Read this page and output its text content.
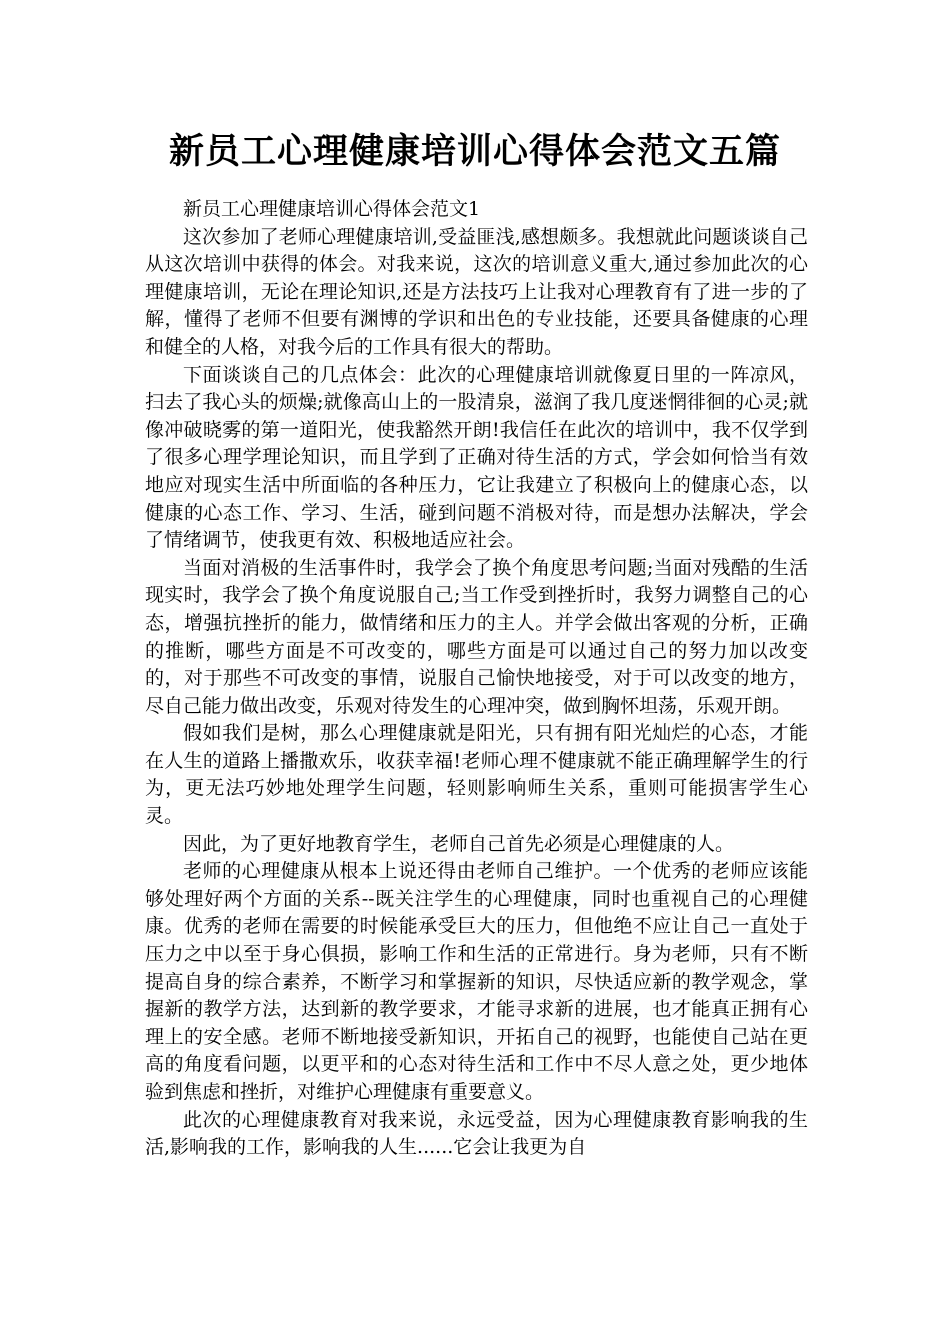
新员工心理健康培训心得体会范文五篇

新员工心理健康培训心得体会范文1

这次参加了老师心理健康培训,受益匪浅,感想颇多。我想就此问题谈谈自己从这次培训中获得的体会。对我来说，这次的培训意义重大,通过参加此次的心理健康培训，无论在理论知识,还是方法技巧上让我对心理教育有了进一步的了解，懂得了老师不但要有渊博的学识和出色的专业技能，还要具备健康的心理和健全的人格，对我今后的工作具有很大的帮助。

下面谈谈自己的几点体会：此次的心理健康培训就像夏日里的一阵凉风，扫去了我心头的烦燥;就像高山上的一股清泉，滋润了我几度迷惘徘徊的心灵;就像冲破晓雾的第一道阳光，使我豁然开朗!我信任在此次的培训中，我不仅学到了很多心理学理论知识，而且学到了正确对待生活的方式，学会如何恰当有效地应对现实生活中所面临的各种压力，它让我建立了积极向上的健康心态，以健康的心态工作、学习、生活，碰到问题不消极对待，而是想办法解决，学会了情绪调节，使我更有效、积极地适应社会。

当面对消极的生活事件时，我学会了换个角度思考问题;当面对残酷的生活现实时，我学会了换个角度说服自己;当工作受到挫折时，我努力调整自己的心态，增强抗挫折的能力，做情绪和压力的主人。并学会做出客观的分析，正确的推断，哪些方面是不可改变的，哪些方面是可以通过自己的努力加以改变的，对于那些不可改变的事情，说服自己愉快地接受，对于可以改变的地方，尽自己能力做出改变，乐观对待发生的心理冲突，做到胸怀坦荡，乐观开朗。

假如我们是树，那么心理健康就是阳光，只有拥有阳光灿烂的心态，才能在人生的道路上播撒欢乐，收获幸福!老师心理不健康就不能正确理解学生的行为，更无法巧妙地处理学生问题，轻则影响师生关系，重则可能损害学生心灵。

因此，为了更好地教育学生，老师自己首先必须是心理健康的人。

老师的心理健康从根本上说还得由老师自己维护。一个优秀的老师应该能够处理好两个方面的关系--既关注学生的心理健康，同时也重视自己的心理健康。优秀的老师在需要的时候能承受巨大的压力，但他绝不应让自己一直处于压力之中以至于身心俱损，影响工作和生活的正常进行。身为老师，只有不断提高自身的综合素养，不断学习和掌握新的知识，尽快适应新的教学观念，掌握新的教学方法，达到新的教学要求，才能寻求新的进展，也才能真正拥有心理上的安全感。老师不断地接受新知识，开拓自己的视野，也能使自己站在更高的角度看问题，以更平和的心态对待生活和工作中不尽人意之处，更少地体验到焦虑和挫折，对维护心理健康有重要意义。

此次的心理健康教育对我来说，永远受益，因为心理健康教育影响我的生活,影响我的工作，影响我的人生......它会让我更为自
